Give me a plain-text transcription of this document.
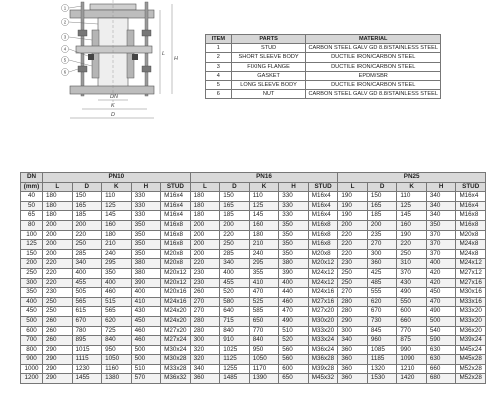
1
2
3
4
5
6
DN
K
D
L
H
ITEM	PARTS	MATERIAL
1	STUD	CARBON STEEL GALV GD 8.8/STAINLESS STEEL
2	SHORT SLEEVE BODY	DUCTILE IRON/CARBON STEEL
3	FIXING FLANGE	DUCTILE IRON/CARBON STEEL
4	GASKET	EPDM/SBR
5	LONG SLEEVE BODY	DUCTILE IRON/CARBON STEEL
6	NUT	CARBON STEEL GALV GD 8.8/STAINLESS STEEL
DN	PN10					PN16					PN25				
(mm)	L	D	K	H	STUD	L	D	K	H	STUD	L	D	K	H	STUD
40	180	150	110	330	M16x4	180	150	110	330	M16x4	190	150	110	340	M16x4
50	180	165	125	330	M16x4	180	165	125	330	M16x4	190	165	125	340	M16x4
65	180	185	145	330	M16x4	180	185	145	330	M16x4	190	185	145	340	M16x8
80	200	200	160	350	M16x8	200	200	160	350	M16x8	200	200	160	350	M16x8
100	200	220	180	350	M16x8	200	220	180	350	M16x8	220	235	190	370	M20x8
125	200	250	210	350	M16x8	200	250	210	350	M16x8	220	270	220	370	M24x8
150	200	285	240	350	M20x8	200	285	240	350	M20x8	220	300	250	370	M24x8
200	220	340	295	380	M20x8	220	340	295	380	M20x12	230	360	310	400	M24x12
250	220	400	350	380	M20x12	230	400	355	390	M24x12	250	425	370	420	M27x12
300	220	455	400	390	M20x12	230	455	410	400	M24x12	250	485	430	420	M27x16
350	230	505	460	400	M20x16	260	520	470	440	M24x16	270	555	490	450	M30x16
400	250	565	515	410	M24x16	270	580	525	460	M27x16	280	620	550	470	M33x16
450	250	615	565	430	M24x20	270	640	585	470	M27x20	280	670	600	490	M33x20
500	260	670	620	450	M24x20	280	715	650	490	M30x20	290	730	660	500	M33x20
600	260	780	725	460	M27x20	280	840	770	510	M33x20	300	845	770	540	M36x20
700	260	895	840	460	M27x24	300	910	840	520	M33x24	340	960	875	590	M39x24
800	290	1015	950	500	M30x24	320	1025	950	560	M36x24	360	1085	990	630	M45x24
900	290	1115	1050	500	M30x28	320	1125	1050	560	M36x28	360	1185	1090	630	M45x28
1000	290	1230	1160	510	M33x28	340	1255	1170	600	M39x28	360	1320	1210	660	M52x28
1200	290	1455	1380	570	M36x32	360	1485	1390	650	M45x32	360	1530	1420	680	M52x28
